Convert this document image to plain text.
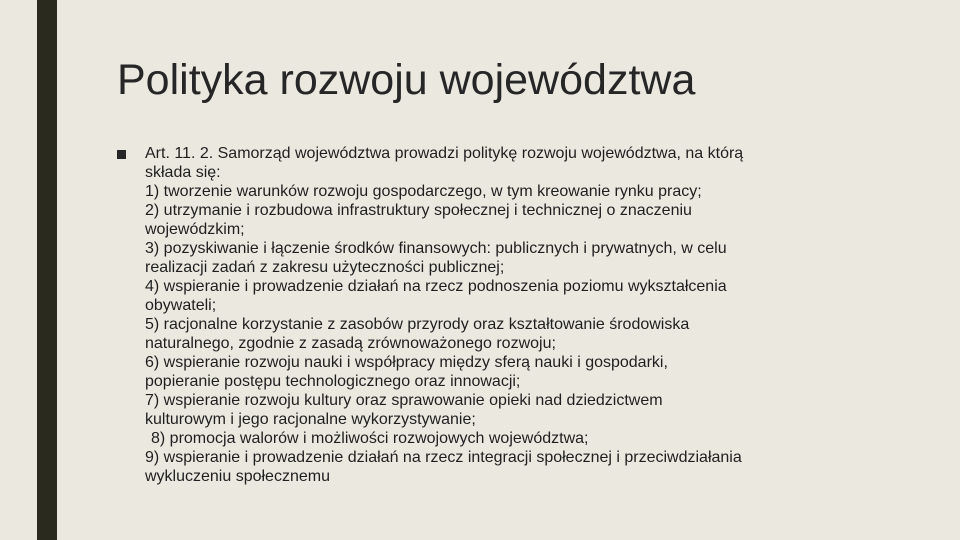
Polityka rozwoju województwa
Art. 11. 2. Samorząd województwa prowadzi politykę rozwoju województwa, na którą
składa się:
1) tworzenie warunków rozwoju gospodarczego, w tym kreowanie rynku pracy;
2) utrzymanie i rozbudowa infrastruktury społecznej i technicznej o znaczeniu
wojewódzkim;
3) pozyskiwanie i łączenie środków finansowych: publicznych i prywatnych, w celu
realizacji zadań z zakresu użyteczności publicznej;
4) wspieranie i prowadzenie działań na rzecz podnoszenia poziomu wykształcenia
obywateli;
5) racjonalne korzystanie z zasobów przyrody oraz kształtowanie środowiska
naturalnego, zgodnie z zasadą zrównoważonego rozwoju;
6) wspieranie rozwoju nauki i współpracy między sferą nauki i gospodarki,
popieranie postępu technologicznego oraz innowacji;
7) wspieranie rozwoju kultury oraz sprawowanie opieki nad dziedzictwem
kulturowym i jego racjonalne wykorzystywanie;
8) promocja walorów i możliwości rozwojowych województwa;
9) wspieranie i prowadzenie działań na rzecz integracji społecznej i przeciwdziałania
wykluczeniu społecznemu
